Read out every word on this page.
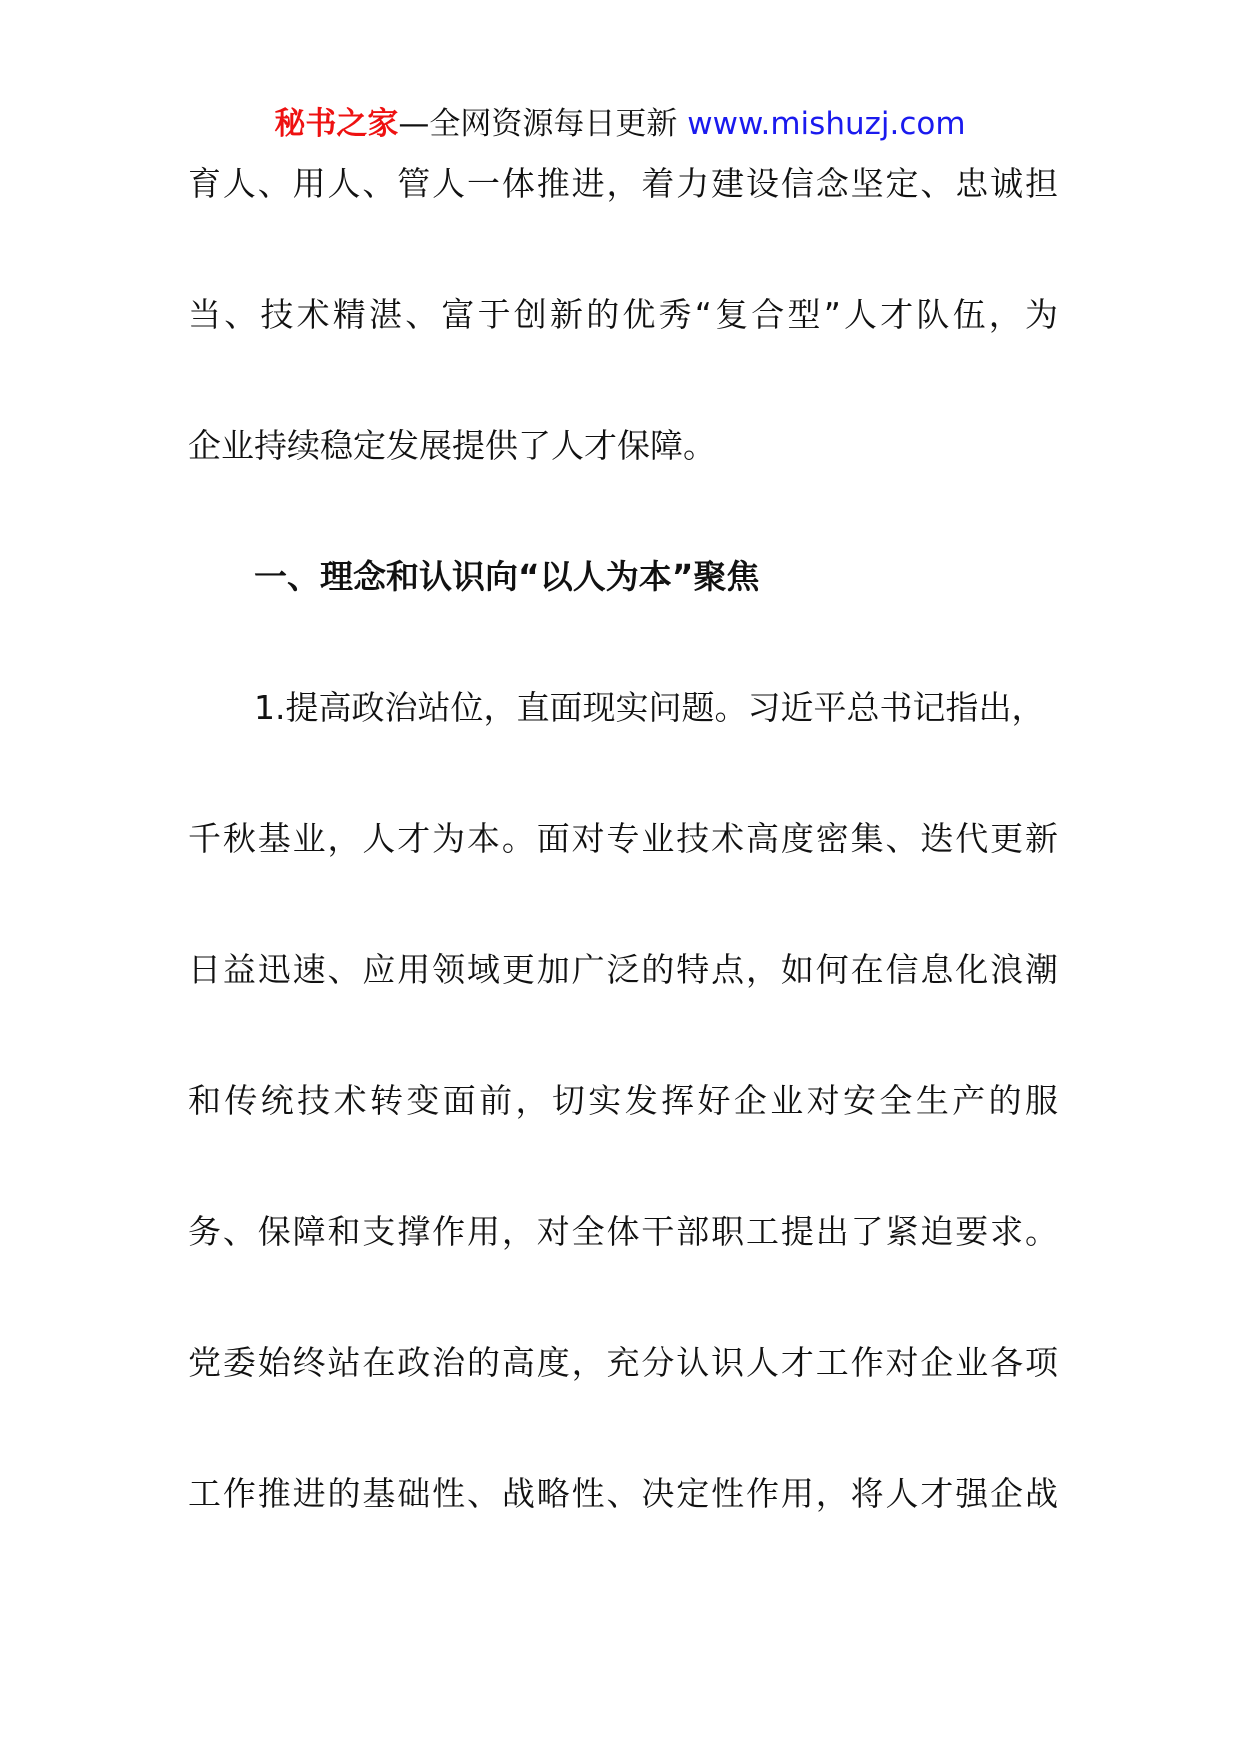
秘书之家—全网资源每日更新 www.mishuzj.com
育人、用人、管人一体推进，着力建设信念坚定、忠诚担
当、技术精湛、富于创新的优秀“复合型”人才队伍，为
企业持续稳定发展提供了人才保障。
一、理念和认识向“以人为本”聚焦
1.提高政治站位，直面现实问题。习近平总书记指出，
千秋基业，人才为本。面对专业技术高度密集、迭代更新
日益迅速、应用领域更加广泛的特点，如何在信息化浪潮
和传统技术转变面前，切实发挥好企业对安全生产的服
务、保障和支撑作用，对全体干部职工提出了紧迫要求。
党委始终站在政治的高度，充分认识人才工作对企业各项
工作推进的基础性、战略性、决定性作用，将人才强企战
